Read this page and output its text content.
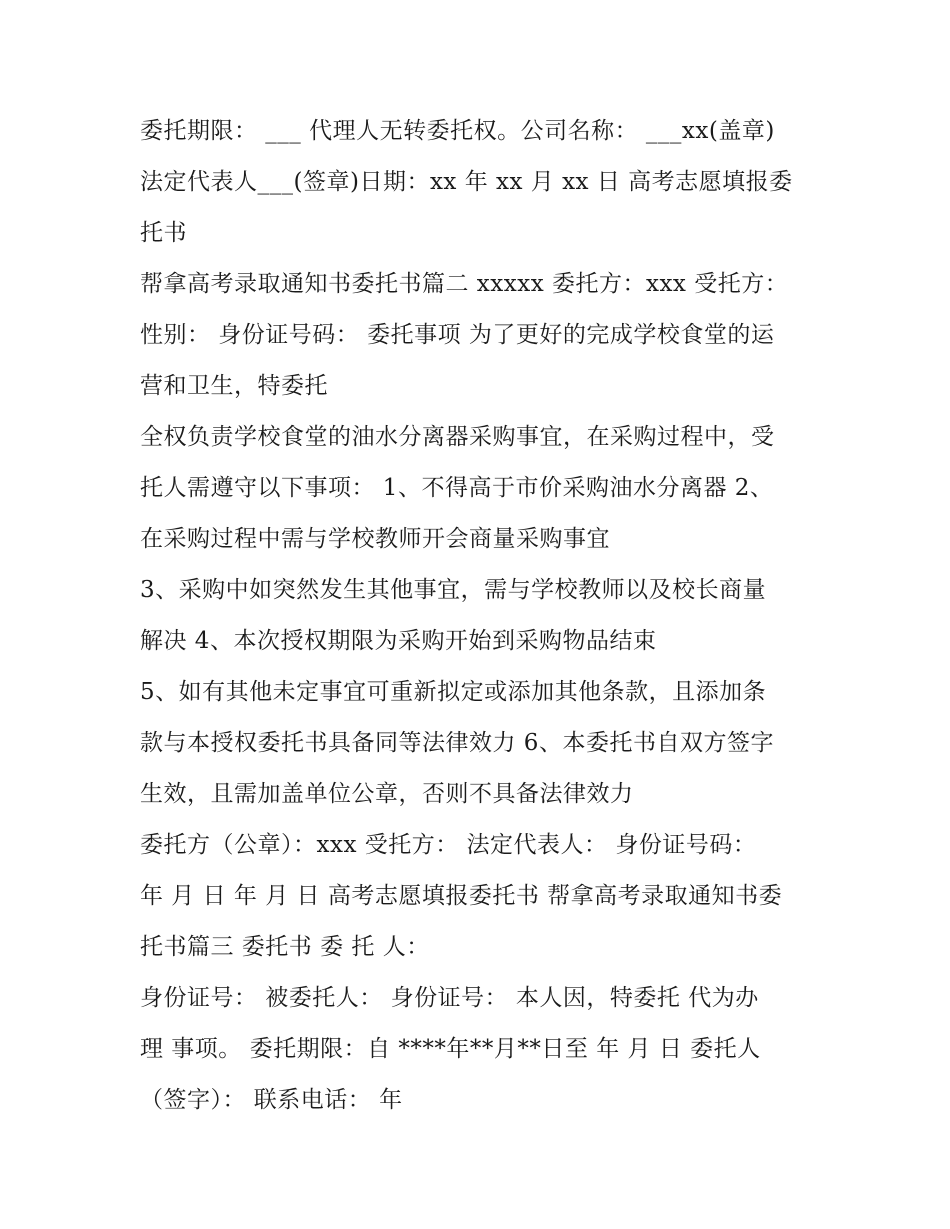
委托期限： ___ 代理人无转委托权。公司名称： ___xx(盖章)
法定代表人___(签章)日期：xx 年 xx 月 xx 日 高考志愿填报委
托书
帮拿高考录取通知书委托书篇二 xxxxx 委托方：xxx 受托方：
性别： 身份证号码： 委托事项 为了更好的完成学校食堂的运
营和卫生，特委托
全权负责学校食堂的油水分离器采购事宜，在采购过程中，受
托人需遵守以下事项： 1、不得高于市价采购油水分离器 2、
在采购过程中需与学校教师开会商量采购事宜
3、采购中如突然发生其他事宜，需与学校教师以及校长商量
解决 4、本次授权期限为采购开始到采购物品结束
5、如有其他未定事宜可重新拟定或添加其他条款，且添加条
款与本授权委托书具备同等法律效力 6、本委托书自双方签字
生效，且需加盖单位公章，否则不具备法律效力
委托方（公章）：xxx 受托方： 法定代表人： 身份证号码：
年 月 日 年 月 日 高考志愿填报委托书 帮拿高考录取通知书委
托书篇三 委托书 委 托 人：
身份证号： 被委托人： 身份证号： 本人因，特委托 代为办
理 事项。 委托期限：自 ****年**月**日至 年 月 日 委托人
（签字）： 联系电话： 年
